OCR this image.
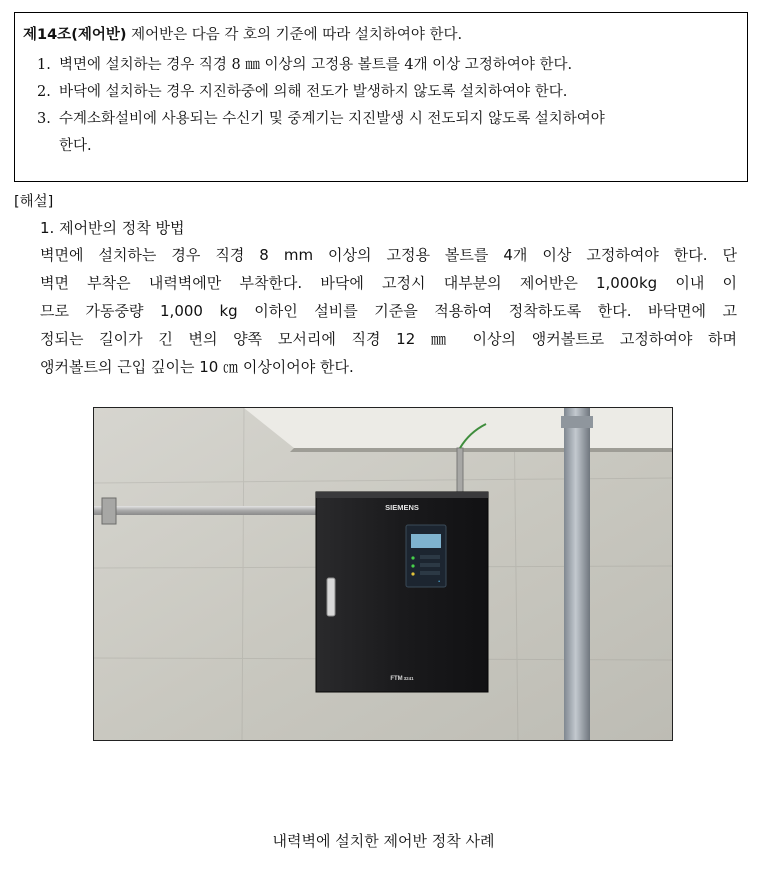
제14조(제어반) 제어반은 다음 각 호의 기준에 따라 설치하여야 한다.
1. 벽면에 설치하는 경우 직경 8 ㎜ 이상의 고정용 볼트를 4개 이상 고정하여야 한다.
2. 바닥에 설치하는 경우 지진하중에 의해 전도가 발생하지 않도록 설치하여야 한다.
3. 수계소화설비에 사용되는 수신기 및 중계기는 지진발생 시 전도되지 않도록 설치하여야
한다.
[해설]
1. 제어반의 정착 방법
벽면에 설치하는 경우 직경 8 mm 이상의 고정용 볼트를 4개 이상 고정하여야 한다. 단
벽면 부착은 내력벽에만 부착한다. 바닥에 고정시 대부분의 제어반은 1,000kg 이내 이
므로 가동중량 1,000 kg 이하인 설비를 기준을 적용하여 정착하도록 한다. 바닥면에 고
정되는 길이가 긴 변의 양쪽 모서리에 직경 12 ㎜ 이상의 앵커볼트로 고정하여야 하며
앵커볼트의 근입 깊이는 10 ㎝ 이상이어야 한다.
SIEMENS
•
FTM3241
내력벽에 설치한 제어반 정착 사례
